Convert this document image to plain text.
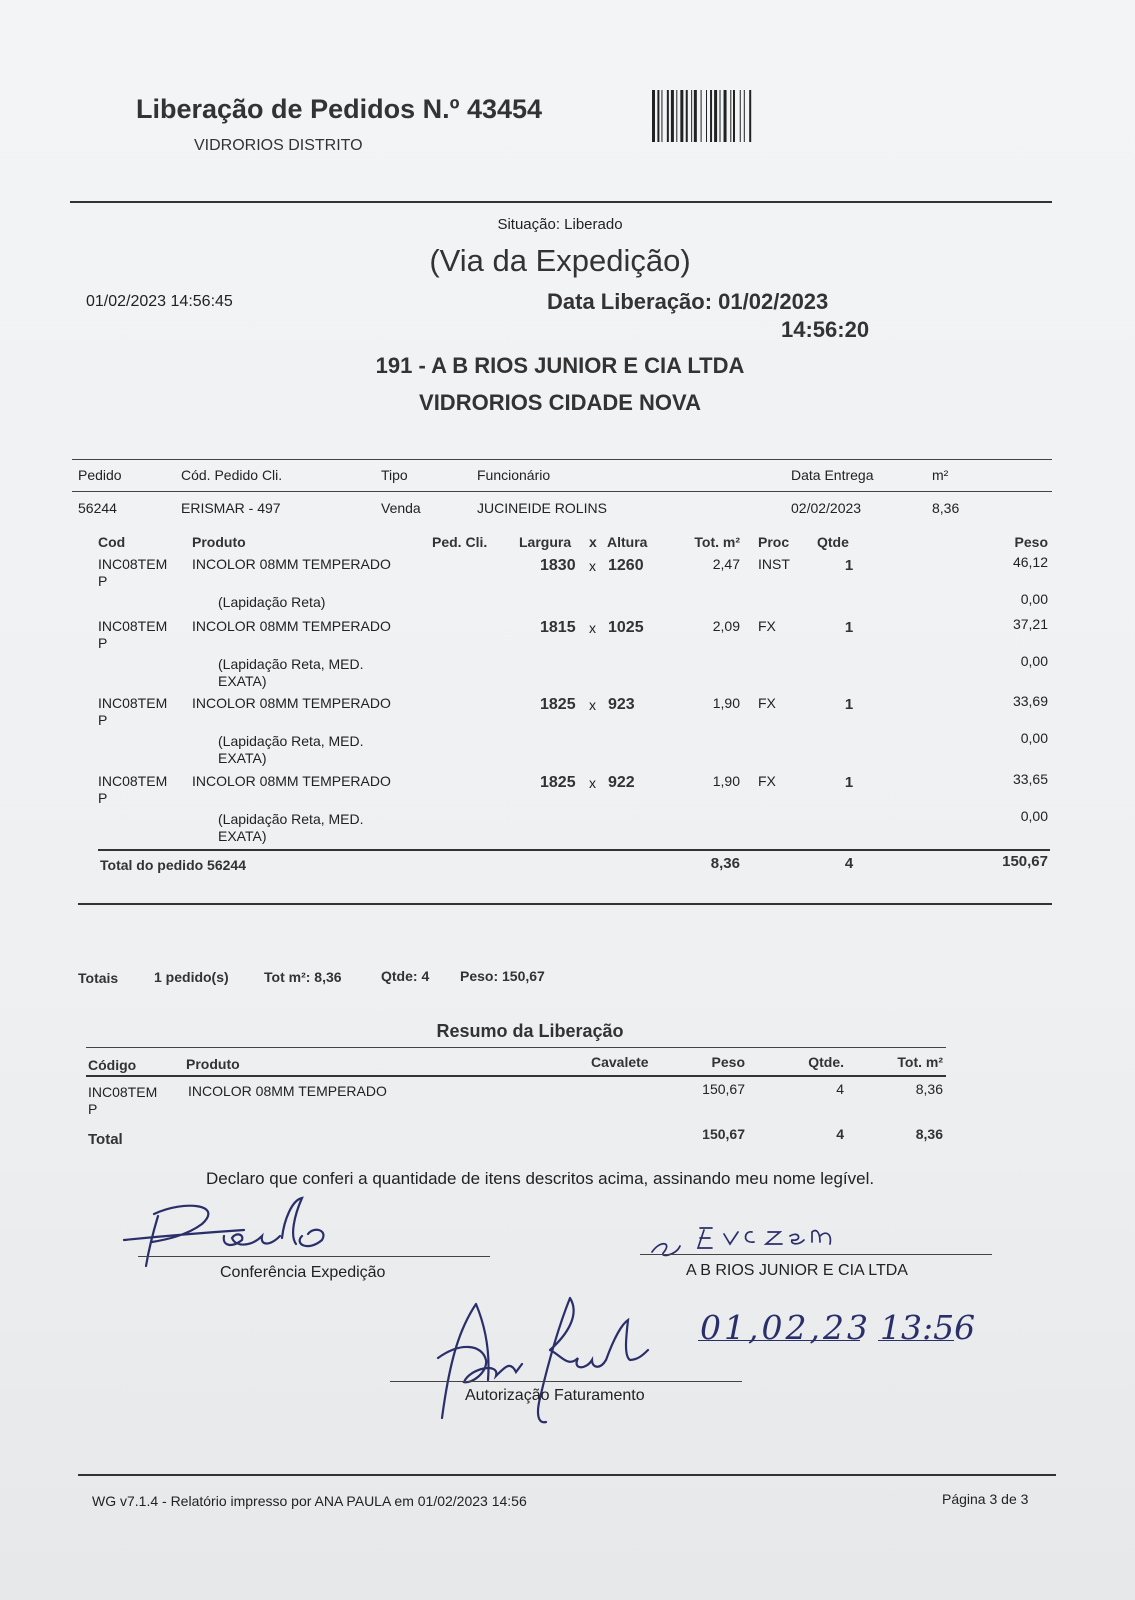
Liberação de Pedidos N.º 43454
VIDRORIOS DISTRITO
Situação: Liberado
(Via da Expedição)
01/02/2023 14:56:45	Data Liberação: 01/02/2023
14:56:20
191 - A B RIOS JUNIOR E CIA LTDA
VIDRORIOS CIDADE NOVA
Pedido	Cód. Pedido Cli.	Tipo	Funcionário	Data Entrega	m²
56244	ERISMAR - 497	Venda	JUCINEIDE ROLINS	02/02/2023	8,36
Cod	Produto	Ped. Cli. Largura x Altura	Tot. m² Proc Qtde	Peso
INC08TEM
P
INCOLOR 08MM TEMPERADO	1830 x 1260	2,47 INST	1	46,12
(Lapidação Reta)	0,00
INC08TEM
P
INCOLOR 08MM TEMPERADO	1815 x 1025	2,09 FX	1	37,21
(Lapidação Reta, MED.
EXATA)
0,00
INC08TEM
P
INCOLOR 08MM TEMPERADO	1825 x 923	1,90 FX	1	33,69
(Lapidação Reta, MED.
EXATA)
0,00
INC08TEM
P
INCOLOR 08MM TEMPERADO	1825 x 922	1,90 FX	1	33,65
(Lapidação Reta, MED.
EXATA)
0,00
Total do pedido 56244	8,36	4	150,67
Totais	1 pedido(s)	Tot m²: 8,36	Qtde: 4 Peso: 150,67
Resumo da Liberação
Código	Produto	Cavalete	Peso	Qtde.	Tot. m²
INC08TEM
P
INCOLOR 08MM TEMPERADO	150,67	4	8,36
Total	150,67	4	8,36
Declaro que conferi a quantidade de itens descritos acima, assinando meu nome legível.
Conferência Expedição	A B RIOS JUNIOR E CIA LTDA
01,02,23 13:56
Autorização Faturamento
WG v7.1.4 - Relatório impresso por ANA PAULA em 01/02/2023 14:56	Página 3 de 3
